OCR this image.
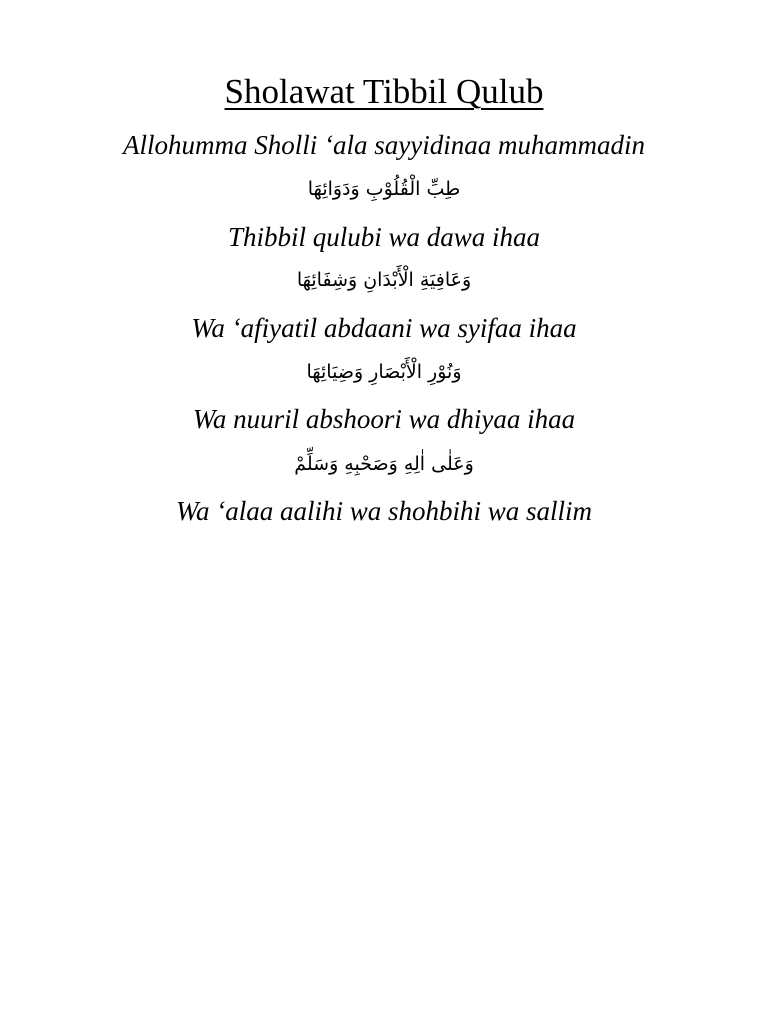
Sholawat Tibbil Qulub

Allohumma Sholli ‘ala sayyidinaa muhammadin

طِبِّ الْقُلُوْبِ وَدَوَائِهَا

Thibbil qulubi wa dawa ihaa

وَعَافِيَةِ الْأَبْدَانِ وَشِفَائِهَا

Wa ‘afiyatil abdaani wa syifaa ihaa

وَنُوْرِ الْأَبْصَارِ وَضِيَائِهَا

Wa nuuril abshoori wa dhiyaa ihaa

وَعَلٰى اٰلِهِ وَصَحْبِهِ وَسَلِّمْ

Wa ‘alaa aalihi wa shohbihi wa sallim
